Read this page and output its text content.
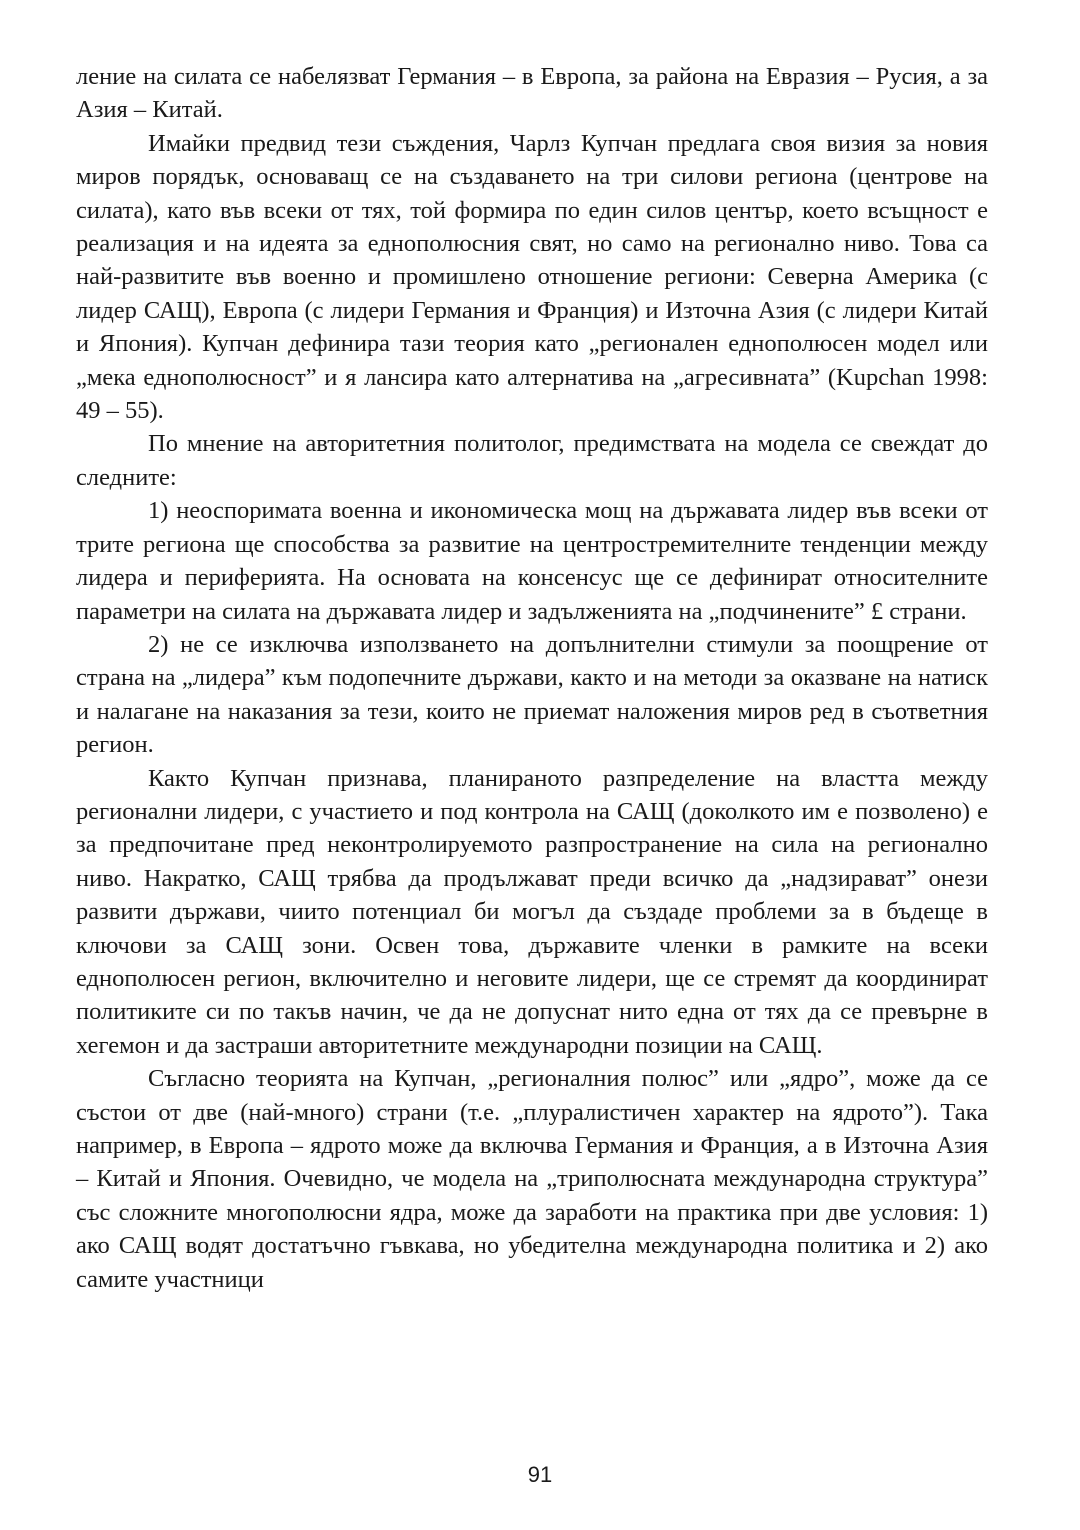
ление на силата се набелязват Германия – в Европа, за района на Евразия – Русия, а за Азия – Китай.

Имайки предвид тези съждения, Чарлз Купчан предлага своя визия за новия миров порядък, основаващ се на създаването на три силови региона (центрове на силата), като във всеки от тях, той формира по един силов център, което всъщност е реализация и на идеята за еднополюсния свят, но само на регионално ниво. Това са най-развитите във военно и промишлено отношение региони: Северна Америка (с лидер САЩ), Европа (с лидери Германия и Франция) и Източна Азия (с лидери Китай и Япония). Купчан дефинира тази теория като „регионален еднополюсен модел или „мека еднополюсност” и я лансира като алтернатива на „агресивната” (Kupchan 1998: 49 – 55).

По мнение на авторитетния политолог, предимствата на модела се свеждат до следните:

1) неоспоримата военна и икономическа мощ на държавата лидер във всеки от трите региона ще способства за развитие на центростремителните тенденции между лидера и периферията. На основата на консенсус ще се дефинират относителните параметри на силата на държавата лидер и задълженията на „подчинените” £ страни.

2) не се изключва използването на допълнителни стимули за поощрение от страна на „лидера” към подопечните държави, както и на методи за оказване на натиск и налагане на наказания за тези, които не приемат наложения миров ред в съответния регион.

Както Купчан признава, планираното разпределение на властта между регионални лидери, с участието и под контрола на САЩ (доколкото им е позволено) е за предпочитане пред неконтролируемото разпространение на сила на регионално ниво. Накратко, САЩ трябва да продължават преди всичко да „надзирават” онези развити държави, чиито потенциал би могъл да създаде проблеми за в бъдеще в ключови за САЩ зони. Освен това, държавите членки в рамките на всеки еднополюсен регион, включително и неговите лидери, ще се стремят да координират политиките си по такъв начин, че да не допуснат нито една от тях да се превърне в хегемон и да застраши авторитетните международни позиции на САЩ.

Съгласно теорията на Купчан, „регионалния полюс” или „ядро”, може да се състои от две (най-много) страни (т.е. „плуралистичен характер на ядрото”). Така например, в Европа – ядрото може да включва Германия и Франция, а в Източна Азия – Китай и Япония. Очевидно, че модела на „триполюсната международна структура” със сложните многополюсни ядра, може да заработи на практика при две условия: 1) ако САЩ водят достатъчно гъвкава, но убедителна международна политика и 2) ако самите участници

91
